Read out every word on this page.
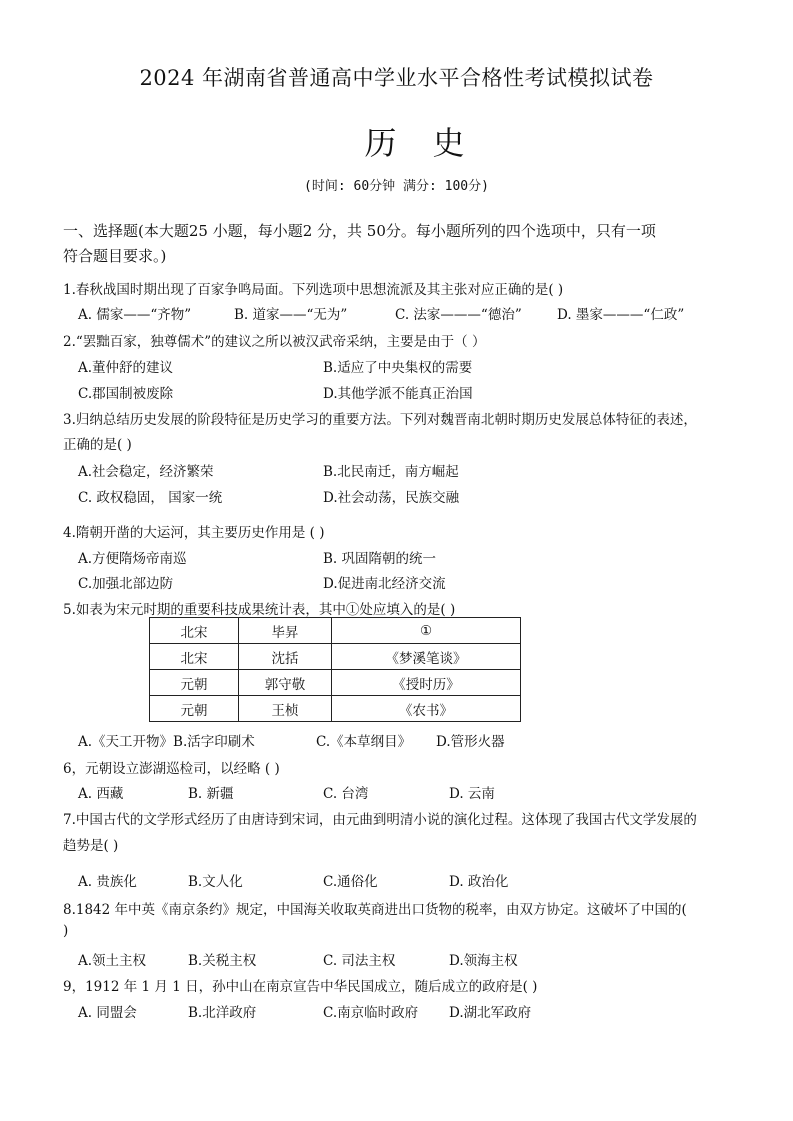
2024 年湖南省普通高中学业水平合格性考试模拟试卷
历史
(时间: 60分钟 满分: 100分)
一、选择题(本大题25 小题，每小题2 分，共 50分。每小题所列的四个选项中，只有一项
符合题目要求。)
1.春秋战国时期出现了百家争鸣局面。下列选项中思想流派及其主张对应正确的是( )
A. 儒家——“齐物”	B. 道家——“无为”	C. 法家———“德治”	D. 墨家———“仁政”
2.“罢黜百家，独尊儒术”的建议之所以被汉武帝采纳，主要是由于（ ）
A.董仲舒的建议	B.适应了中央集权的需要
C.郡国制被废除	D.其他学派不能真正治国
3.归纳总结历史发展的阶段特征是历史学习的重要方法。下列对魏晋南北朝时期历史发展总体特征的表述，
正确的是( )
A.社会稳定，经济繁荣	B.北民南迁，南方崛起
C. 政权稳固， 国家一统	D.社会动荡，民族交融
4.隋朝开凿的大运河，其主要历史作用是 ( )
A.方便隋炀帝南巡	B. 巩固隋朝的统一
C.加强北部边防	D.促进南北经济交流
5.如表为宋元时期的重要科技成果统计表，其中①处应填入的是( )
北宋	毕昇	①
北宋	沈括	《梦溪笔谈》
元朝	郭守敬	《授时历》
元朝	王桢	《农书》
A.《天工开物》B.活字印刷术	C.《本草纲目》 D.管形火器
6，元朝设立澎湖巡检司，以经略 ( )
A. 西藏	B. 新疆	C. 台湾	D. 云南
7.中国古代的文学形式经历了由唐诗到宋词，由元曲到明清小说的演化过程。这体现了我国古代文学发展的
趋势是( )
A. 贵族化	B.文人化	C.通俗化	D. 政治化
8.1842 年中英《南京条约》规定，中国海关收取英商进出口货物的税率，由双方协定。这破坏了中国的(
)
A.领土主权	B.关税主权	C. 司法主权	D.领海主权
9，1912 年 1 月 1 日，孙中山在南京宣告中华民国成立，随后成立的政府是( )
A. 同盟会	B.北洋政府	C.南京临时政府 D.湖北军政府
